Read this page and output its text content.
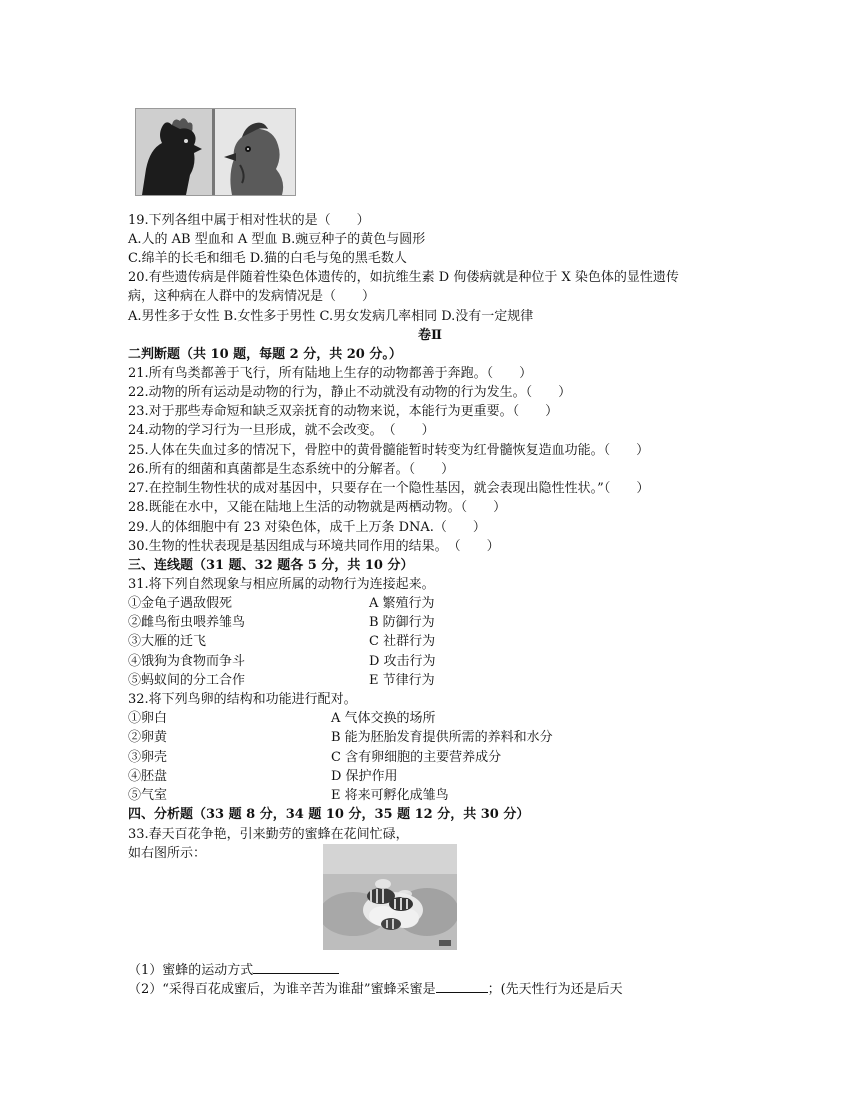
19.下列各组中属于相对性状的是（　　）
A.人的 AB 型血和 A 型血 B.豌豆种子的黄色与圆形
C.绵羊的长毛和细毛 D.猫的白毛与兔的黑毛数人
20.有些遗传病是伴随着性染色体遗传的，如抗维生素 D 佝偻病就是种位于 X 染色体的显性遗传
病，这种病在人群中的发病情况是（　　）
A.男性多于女性 B.女性多于男性 C.男女发病几率相同 D.没有一定规律
卷Ⅱ
二判断题（共 10 题，每题 2 分，共 20 分。）
21.所有鸟类都善于飞行，所有陆地上生存的动物都善于奔跑。（　　）
22.动物的所有运动是动物的行为，静止不动就没有动物的行为发生。（　　）
23.对于那些寿命短和缺乏双亲抚育的动物来说，本能行为更重要。（　　）
24.动物的学习行为一旦形成，就不会改变。　（　　）
25.人体在失血过多的情况下，骨腔中的黄骨髓能暂时转变为红骨髓恢复造血功能。（　　）
26.所有的细菌和真菌都是生态系统中的分解者。（　　）
27.在控制生物性状的成对基因中，只要存在一个隐性基因，就会表现出隐性性状。”（　　）
28.既能在水中，又能在陆地上生活的动物就是两栖动物。（　　）
29.人的体细胞中有 23 对染色体，成千上万条 DNA.（　　）
30.生物的性状表现是基因组成与环境共同作用的结果。　（　　）
三、连线题（31 题、32 题各 5 分，共 10 分）
31.将下列自然现象与相应所属的动物行为连接起来。
①金龟子遇敌假死	A 繁殖行为
②雌鸟衔虫喂养雏鸟	B 防御行为
③大雁的迁飞	C 社群行为
④饿狗为食物而争斗	D 攻击行为
⑤蚂蚁间的分工合作	E 节律行为
32.将下列鸟卵的结构和功能进行配对。
①卵白	A 气体交换的场所
②卵黄	B 能为胚胎发育提供所需的养料和水分
③卵壳	C 含有卵细胞的主要营养成分
④胚盘	D 保护作用
⑤气室	E 将来可孵化成雏鸟
四、分析题（33 题 8 分，34 题 10 分，35 题 12 分，共 30 分）
33.春天百花争艳，引来勤劳的蜜蜂在花间忙碌，
如右图所示：
（1）蜜蜂的运动方式
（2）“采得百花成蜜后，为谁辛苦为谁甜”蜜蜂采蜜是	；(先天性行为还是后天
